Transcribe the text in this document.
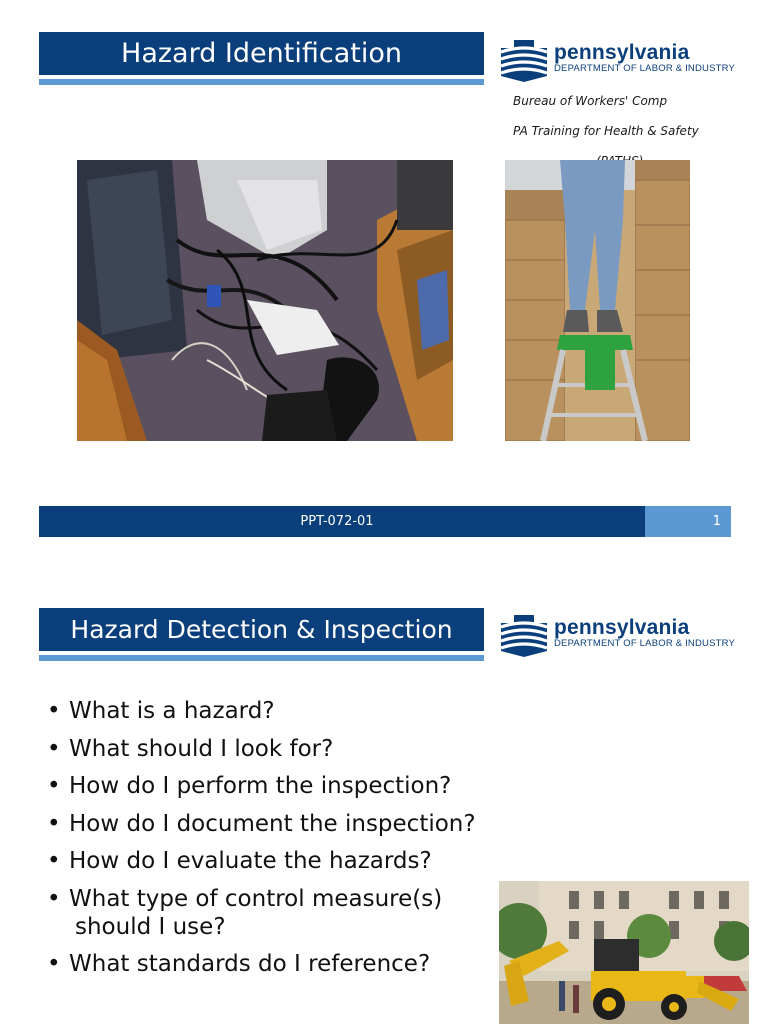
Hazard Identification	pennsylvania
DEPARTMENT OF LABOR & INDUSTRY
Bureau of Workers' Comp
PA Training for Health & Safety
PPT-072-01	1
Hazard Detection & Inspection	pennsylvania
DEPARTMENT OF LABOR & INDUSTRY
• What is a hazard?
• What should I look for?
• How do I perform the inspection?
• How do I document the inspection?
• How do I evaluate the hazards?
• What type of control measure(s)
should I use?
• What standards do I reference?
